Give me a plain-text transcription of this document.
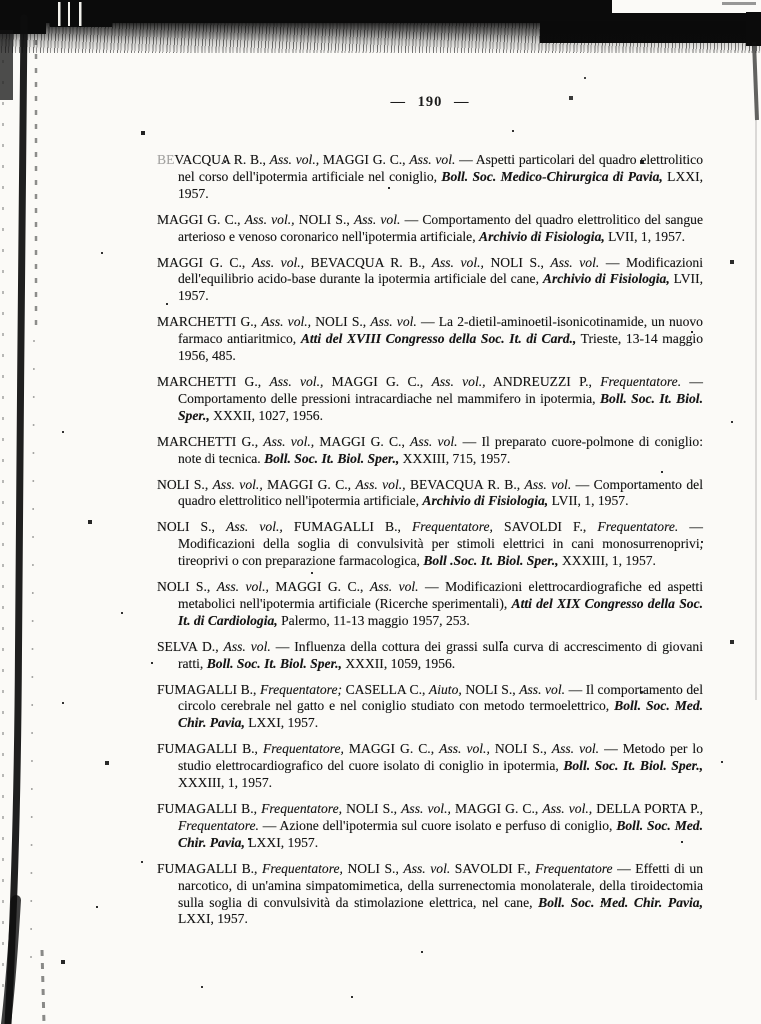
— 190 —

BEVACQUA R. B., Ass. vol., MAGGI G. C., Ass. vol. — Aspetti particolari del quadro elettrolitico nel corso dell'ipotermia artificiale nel coniglio, Boll. Soc. Medico-Chirurgica di Pavia, LXXI, 1957.

MAGGI G. C., Ass. vol., NOLI S., Ass. vol. — Comportamento del quadro elettrolitico del sangue arterioso e venoso coronarico nell'ipotermia artificiale, Archivio di Fisiologia, LVII, 1, 1957.

MAGGI G. C., Ass. vol., BEVACQUA R. B., Ass. vol., NOLI S., Ass. vol. — Modificazioni dell'equilibrio acido-base durante la ipotermia artificiale del cane, Archivio di Fisiologia, LVII, 1957.

MARCHETTI G., Ass. vol., NOLI S., Ass. vol. — La 2-dietil-aminoetil-isonicotinamide, un nuovo farmaco antiaritmico, Atti del XVIII Congresso della Soc. It. di Card., Trieste, 13-14 maggio 1956, 485.

MARCHETTI G., Ass. vol., MAGGI G. C., Ass. vol., ANDREUZZI P., Frequentatore. — Comportamento delle pressioni intracardiache nel mammifero in ipotermia, Boll. Soc. It. Biol. Sper., XXXII, 1027, 1956.

MARCHETTI G., Ass. vol., MAGGI G. C., Ass. vol. — Il preparato cuore-polmone di coniglio: note di tecnica. Boll. Soc. It. Biol. Sper., XXXIII, 715, 1957.

NOLI S., Ass. vol., MAGGI G. C., Ass. vol., BEVACQUA R. B., Ass. vol. — Comportamento del quadro elettrolitico nell'ipotermia artificiale, Archivio di Fisiologia, LVII, 1, 1957.

NOLI S., Ass. vol., FUMAGALLI B., Frequentatore, SAVOLDI F., Frequentatore. — Modificazioni della soglia di convulsività per stimoli elettrici in cani monosurrenoprivi, tireoprivi o con preparazione farmacologica, Boll .Soc. It. Biol. Sper., XXXIII, 1, 1957.

NOLI S., Ass. vol., MAGGI G. C., Ass. vol. — Modificazioni elettrocardiografiche ed aspetti metabolici nell'ipotermia artificiale (Ricerche sperimentali), Atti del XIX Congresso della Soc. It. di Cardiologia, Palermo, 11-13 maggio 1957, 253.

SELVA D., Ass. vol. — Influenza della cottura dei grassi sulla curva di accrescimento di giovani ratti, Boll. Soc. It. Biol. Sper., XXXII, 1059, 1956.

FUMAGALLI B., Frequentatore; CASELLA C., Aiuto, NOLI S., Ass. vol. — Il comportamento del circolo cerebrale nel gatto e nel coniglio studiato con metodo termoelettrico, Boll. Soc. Med. Chir. Pavia, LXXI, 1957.

FUMAGALLI B., Frequentatore, MAGGI G. C., Ass. vol., NOLI S., Ass. vol. — Metodo per lo studio elettrocardiografico del cuore isolato di coniglio in ipotermia, Boll. Soc. It. Biol. Sper., XXXIII, 1, 1957.

FUMAGALLI B., Frequentatore, NOLI S., Ass. vol., MAGGI G. C., Ass. vol., DELLA PORTA P., Frequentatore. — Azione dell'ipotermia sul cuore isolato e perfuso di coniglio, Boll. Soc. Med. Chir. Pavia, LXXI, 1957.

FUMAGALLI B., Frequentatore, NOLI S., Ass. vol. SAVOLDI F., Frequentatore — Effetti di un narcotico, di un'amina simpatomimetica, della surrenectomia monolaterale, della tiroidectomia sulla soglia di convulsività da stimolazione elettrica, nel cane, Boll. Soc. Med. Chir. Pavia, LXXI, 1957.
